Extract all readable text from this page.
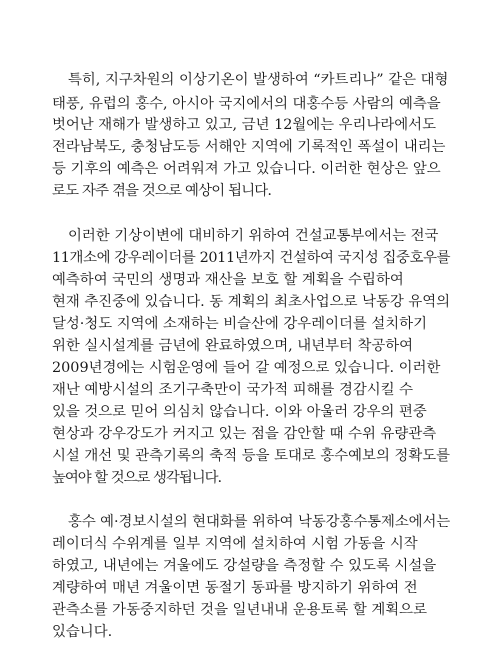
특히, 지구차원의 이상기온이 발생하여 “카트리나” 같은 대형

태풍, 유럽의 홍수, 아시아 국지에서의 대홍수등 사람의 예측을

벗어난 재해가 발생하고 있고, 금년 12월에는 우리나라에서도

전라남북도, 충청남도등 서해안 지역에 기록적인 폭설이 내리는

등 기후의 예측은 어려워져 가고 있습니다. 이러한 현상은 앞으

로도 자주 겪을 것으로 예상이 됩니다.

이러한 기상이변에 대비하기 위하여 건설교통부에서는 전국

11개소에 강우레이더를 2011년까지 건설하여 국지성 집중호우를

예측하여 국민의 생명과 재산을 보호 할 계획을 수립하여

현재 추진중에 있습니다. 동 계획의 최초사업으로 낙동강 유역의

달성·청도 지역에 소재하는 비슬산에 강우레이더를 설치하기

위한 실시설계를 금년에 완료하였으며, 내년부터 착공하여

2009년경에는 시험운영에 들어 갈 예정으로 있습니다. 이러한

재난 예방시설의 조기구축만이 국가적 피해를 경감시킬 수

있을 것으로 믿어 의심치 않습니다. 이와 아울러 강우의 편중

현상과 강우강도가 커지고 있는 점을 감안할 때 수위 유량관측

시설 개선 및 관측기록의 축적 등을 토대로 홍수예보의 정확도를

높여야 할 것으로 생각됩니다.

홍수 예·경보시설의 현대화를 위하여 낙동강홍수통제소에서는

레이더식 수위계를 일부 지역에 설치하여 시험 가동을 시작

하였고, 내년에는 겨울에도 강설량을 측정할 수 있도록 시설을

계량하여 매년 겨울이면 동절기 동파를 방지하기 위하여 전

관측소를 가동중지하던 것을 일년내내 운용토록 할 계획으로

있습니다.
